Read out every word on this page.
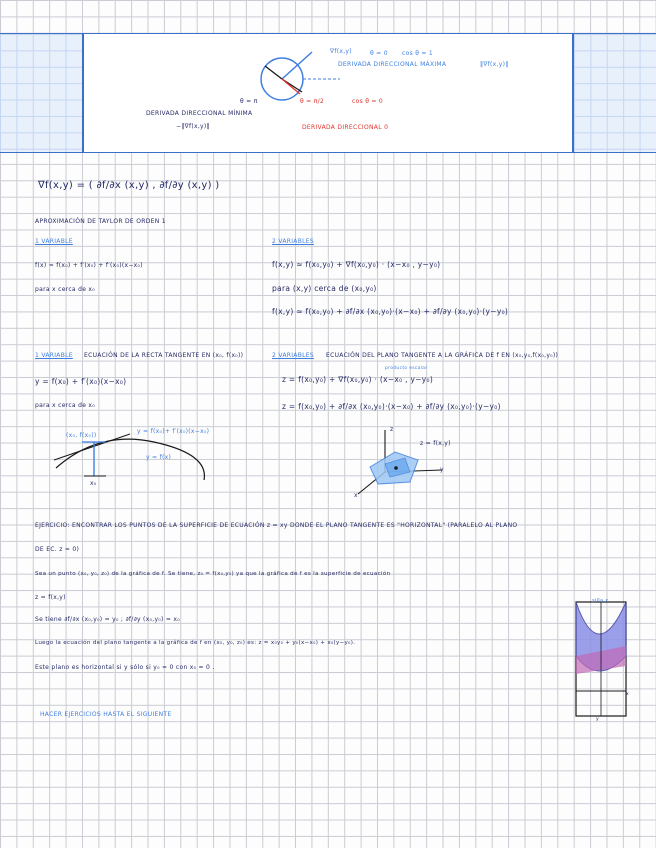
∇f(x,y)	θ = 0 cos θ = 1
DERIVADA DIRECCIONAL MÁXIMA	‖∇f(x,y)‖
θ = π
DERIVADA DIRECCIONAL MÍNIMA
−‖∇f(x,y)‖
θ = π/2	cos θ = 0
DERIVADA DIRECCIONAL 0
∇f(x,y) = ( ∂f/∂x (x,y) , ∂f/∂y (x,y) )
APROXIMACIÓN DE TAYLOR DE ORDEN 1
1 VARIABLE
f(x) ≈ f(x₀) + f′(x₀) + f′(x₀)(x−x₀)
para x cerca de x₀
2 VARIABLES
f(x,y) ≈ f(x₀,y₀) + ∇f(x₀,y₀) · (x−x₀ , y−y₀)
para (x,y) cerca de (x₀,y₀)
f(x,y) ≈ f(x₀,y₀) + ∂f/∂x (x₀,y₀)·(x−x₀) + ∂f/∂y (x₀,y₀)·(y−y₀)
1 VARIABLE ECUACIÓN DE LA RECTA TANGENTE EN (x₀, f(x₀))
y = f(x₀) + f′(x₀)(x−x₀)
para x cerca de x₀
(x₀, f(x₀))
y = f(x₀)+ f′(x₀)(x−x₀)
y = f(x)
x₀
2 VARIABLES ECUACIÓN DEL PLANO TANGENTE A LA GRÁFICA DE f EN (x₀,y₀,f(x₀,y₀))
producto escalar
z = f(x₀,y₀) + ∇f(x₀,y₀) · (x−x₀ , y−y₀)
z = f(x₀,y₀) + ∂f/∂x (x₀,y₀)·(x−x₀) + ∂f/∂y (x₀,y₀)·(y−y₀)
z
z = f(x,y)
x
y
EJERCICIO: ENCONTRAR LOS PUNTOS DE LA SUPERFICIE DE ECUACIÓN z = xy DONDE EL PLANO TANGENTE ES "HORIZONTAL" (PARALELO AL PLANO
DE EC. z = 0)
Sea un punto (x₀, y₀, z₀) de la gráfica de f. Se tiene, z₀ = f(x₀,y₀) ya que la gráfica de f es la superficie de ecuación
z = f(x,y)
Se tiene ∂f/∂x (x₀,y₀) = y₀ ; ∂f/∂y (x₀,y₀) = x₀
Luego la ecuación del plano tangente a la gráfica de f en (x₀, y₀, z₀) es: z = x₀y₀ + y₀(x−x₀) + x₀(y−y₀).
Este plano es horizontal si y sólo si y₀ = 0 con x₀ = 0 .
silla x
x
y
HACER EJERCICIOS HASTA EL SIGUIENTE
